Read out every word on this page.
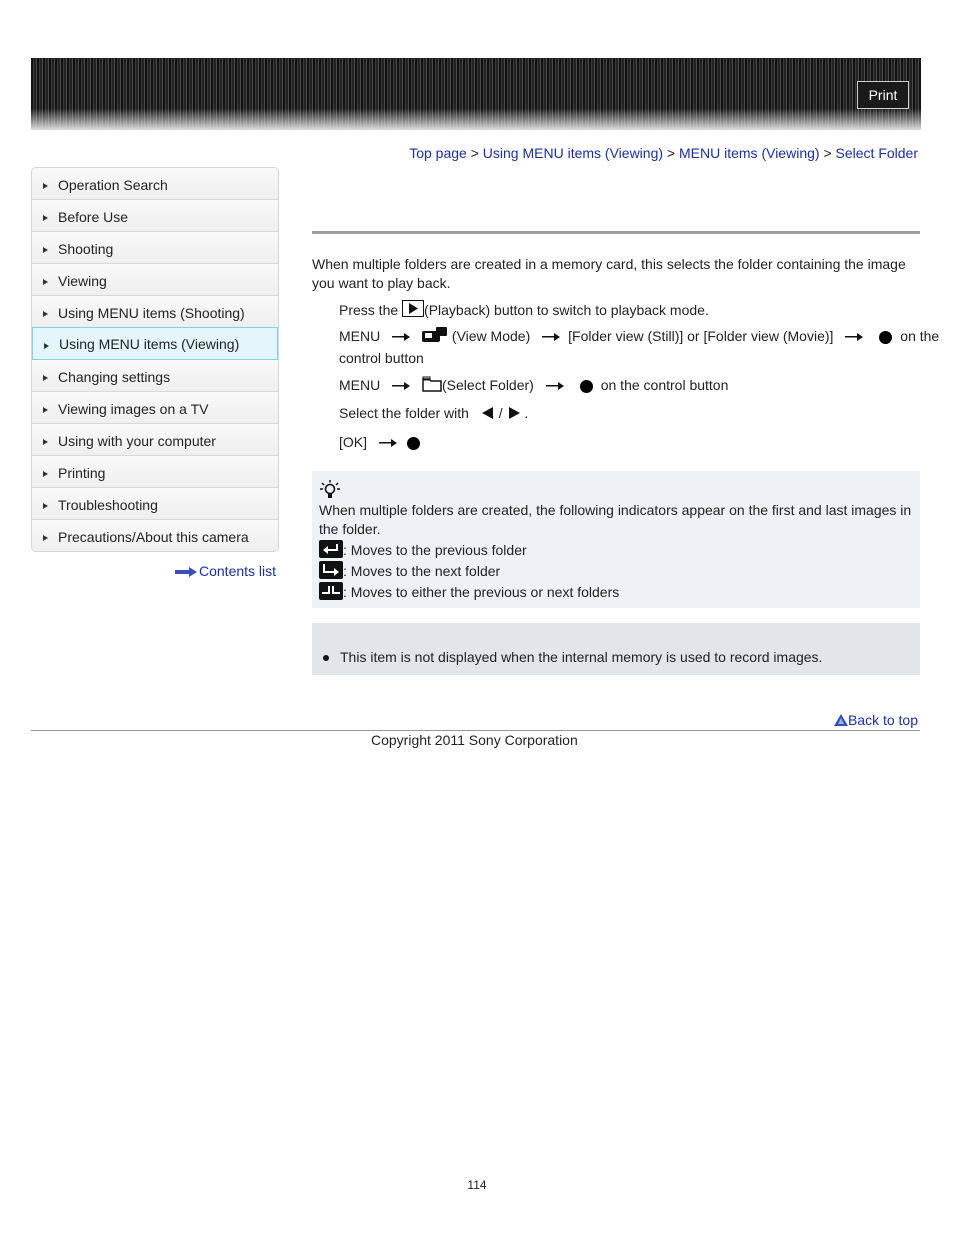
Print
Top page > Using MENU items (Viewing) > MENU items (Viewing) > Select Folder
Operation Search
Before Use
Shooting
Viewing
Using MENU items (Shooting)
Using MENU items (Viewing)
Changing settings
Viewing images on a TV
Using with your computer
Printing
Troubleshooting
Precautions/About this camera
Contents list
When multiple folders are created in a memory card, this selects the folder containing the image you want to play back.
Press the (Playback) button to switch to playback mode.
MENU	(View Mode)	[Folder view (Still)] or [Folder view (Movie)]	on the
control button
MENU	(Select Folder)	on the control button
Select the folder with / .
[OK]
When multiple folders are created, the following indicators appear on the first and last images in the folder.
: Moves to the previous folder
: Moves to the next folder
: Moves to either the previous or next folders
This item is not displayed when the internal memory is used to record images.
Back to top
Copyright 2011 Sony Corporation
114
